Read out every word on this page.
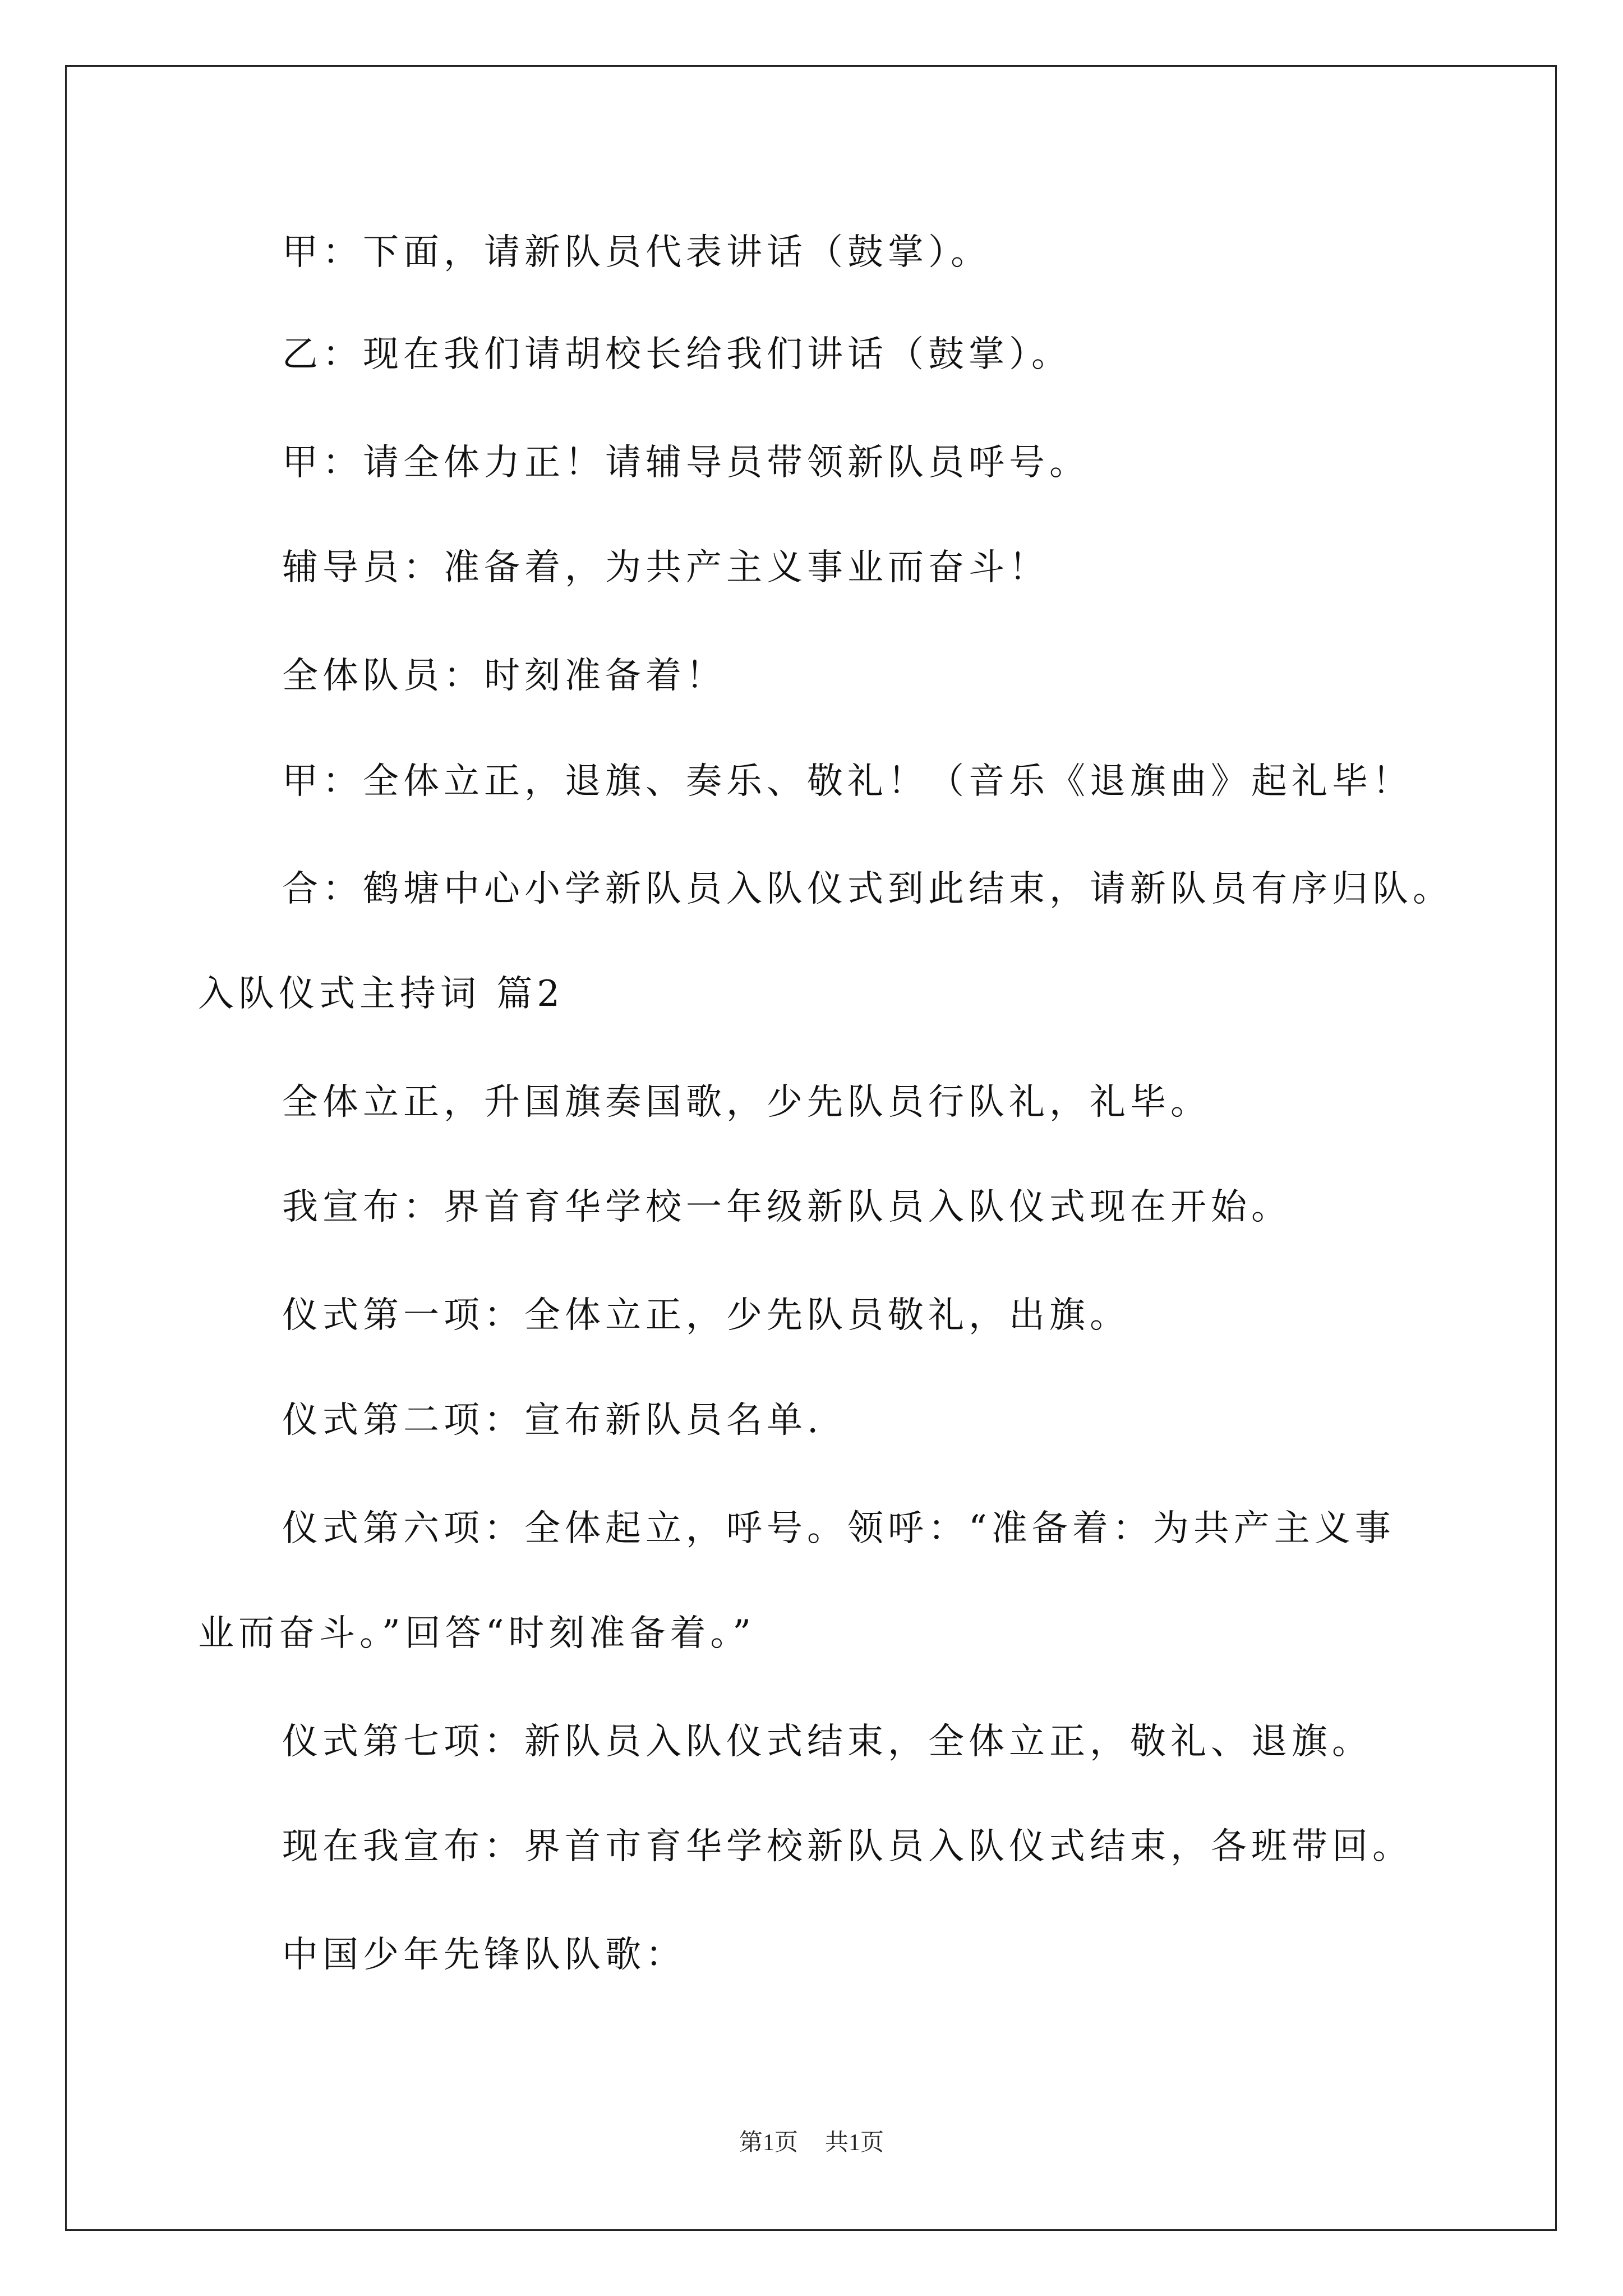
甲：下面，请新队员代表讲话（鼓掌）。
乙：现在我们请胡校长给我们讲话（鼓掌）。
甲：请全体力正！请辅导员带领新队员呼号。
辅导员：准备着，为共产主义事业而奋斗！
全体队员：时刻准备着！
甲：全体立正，退旗、奏乐、敬礼！（音乐《退旗曲》起礼毕！
合：鹤塘中心小学新队员入队仪式到此结束，请新队员有序归队。
入队仪式主持词 篇2
全体立正，升国旗奏国歌，少先队员行队礼，礼毕。
我宣布：界首育华学校一年级新队员入队仪式现在开始。
仪式第一项：全体立正，少先队员敬礼，出旗。
仪式第二项：宣布新队员名单.
仪式第六项：全体起立，呼号。领呼：“准备着：为共产主义事
业而奋斗。”回答“时刻准备着。”
仪式第七项：新队员入队仪式结束，全体立正，敬礼、退旗。
现在我宣布：界首市育华学校新队员入队仪式结束，各班带回。
中国少年先锋队队歌：
第1页 共1页
